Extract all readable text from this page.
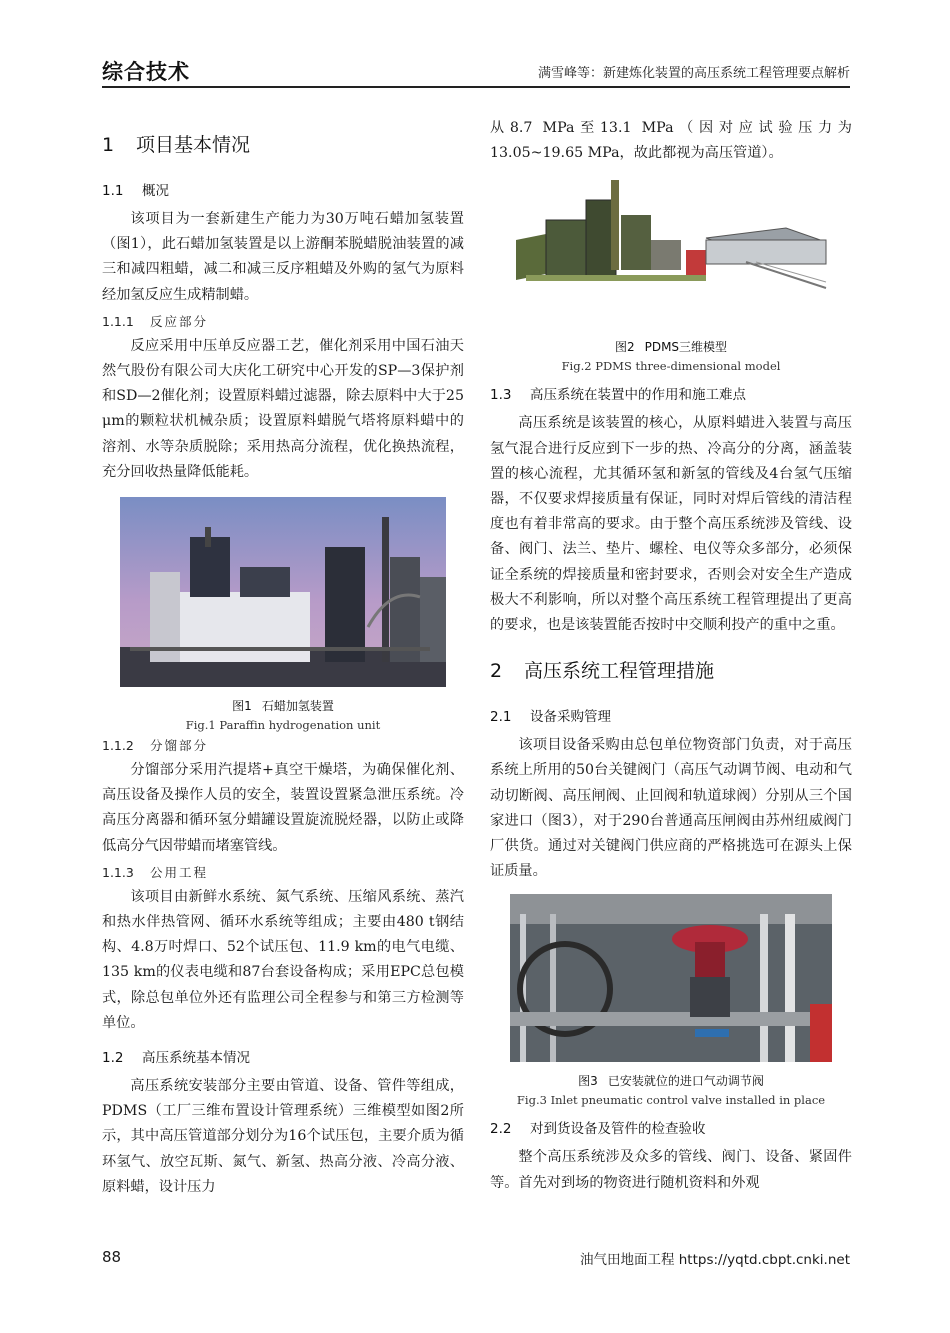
综合技术	满雪峰等：新建炼化装置的高压系统工程管理要点解析
1 项目基本情况
1.1 概况

该项目为一套新建生产能力为30万吨石蜡加氢装置（图1），此石蜡加氢装置是以上游酮苯脱蜡脱油装置的减三和减四粗蜡，减二和减三反序粗蜡及外购的氢气为原料经加氢反应生成精制蜡。

1.1.1 反应部分

反应采用中压单反应器工艺，催化剂采用中国石油天然气股份有限公司大庆化工研究中心开发的SP—3保护剂和SD—2催化剂；设置原料蜡过滤器，除去原料中大于25 μm的颗粒状机械杂质；设置原料蜡脱气塔将原料蜡中的溶剂、水等杂质脱除；采用热高分流程，优化换热流程，充分回收热量降低能耗。

图1 石蜡加氢装置
Fig.1 Paraffin hydrogenation unit
1.1.2 分馏部分

分馏部分采用汽提塔+真空干燥塔，为确保催化剂、高压设备及操作人员的安全，装置设置紧急泄压系统。冷高压分离器和循环氢分蜡罐设置旋流脱烃器，以防止或降低高分气因带蜡而堵塞管线。

1.1.3 公用工程

该项目由新鲜水系统、氮气系统、压缩风系统、蒸汽和热水伴热管网、循环水系统等组成；主要由480 t钢结构、4.8万吋焊口、52个试压包、11.9 km的电气电缆、135 km的仪表电缆和87台套设备构成；采用EPC总包模式，除总包单位外还有监理公司全程参与和第三方检测等单位。

1.2 高压系统基本情况

高压系统安装部分主要由管道、设备、管件等组成，PDMS（工厂三维布置设计管理系统）三维模型如图2所示，其中高压管道部分划分为16个试压包，主要介质为循环氢气、放空瓦斯、氮气、新氢、热高分液、冷高分液、原料蜡，设计压力

从8.7 MPa至13.1 MPa（因对应试验压力为13.05~19.65 MPa，故此都视为高压管道）。

图2 PDMS三维模型
Fig.2 PDMS three-dimensional model
1.3 高压系统在装置中的作用和施工难点

高压系统是该装置的核心，从原料蜡进入装置与高压氢气混合进行反应到下一步的热、冷高分的分离，涵盖装置的核心流程，尤其循环氢和新氢的管线及4台氢气压缩器，不仅要求焊接质量有保证，同时对焊后管线的清洁程度也有着非常高的要求。由于整个高压系统涉及管线、设备、阀门、法兰、垫片、螺栓、电仪等众多部分，必须保证全系统的焊接质量和密封要求，否则会对安全生产造成极大不利影响，所以对整个高压系统工程管理提出了更高的要求，也是该装置能否按时中交顺利投产的重中之重。

2 高压系统工程管理措施
2.1 设备采购管理

该项目设备采购由总包单位物资部门负责，对于高压系统上所用的50台关键阀门（高压气动调节阀、电动和气动切断阀、高压闸阀、止回阀和轨道球阀）分别从三个国家进口（图3），对于290台普通高压闸阀由苏州纽威阀门厂供货。通过对关键阀门供应商的严格挑选可在源头上保证质量。

图3 已安装就位的进口气动调节阀
Fig.3 Inlet pneumatic control valve installed in place
2.2 对到货设备及管件的检查验收

整个高压系统涉及众多的管线、阀门、设备、紧固件等。首先对到场的物资进行随机资料和外观

88	油气田地面工程 https://yqtd.cbpt.cnki.net
